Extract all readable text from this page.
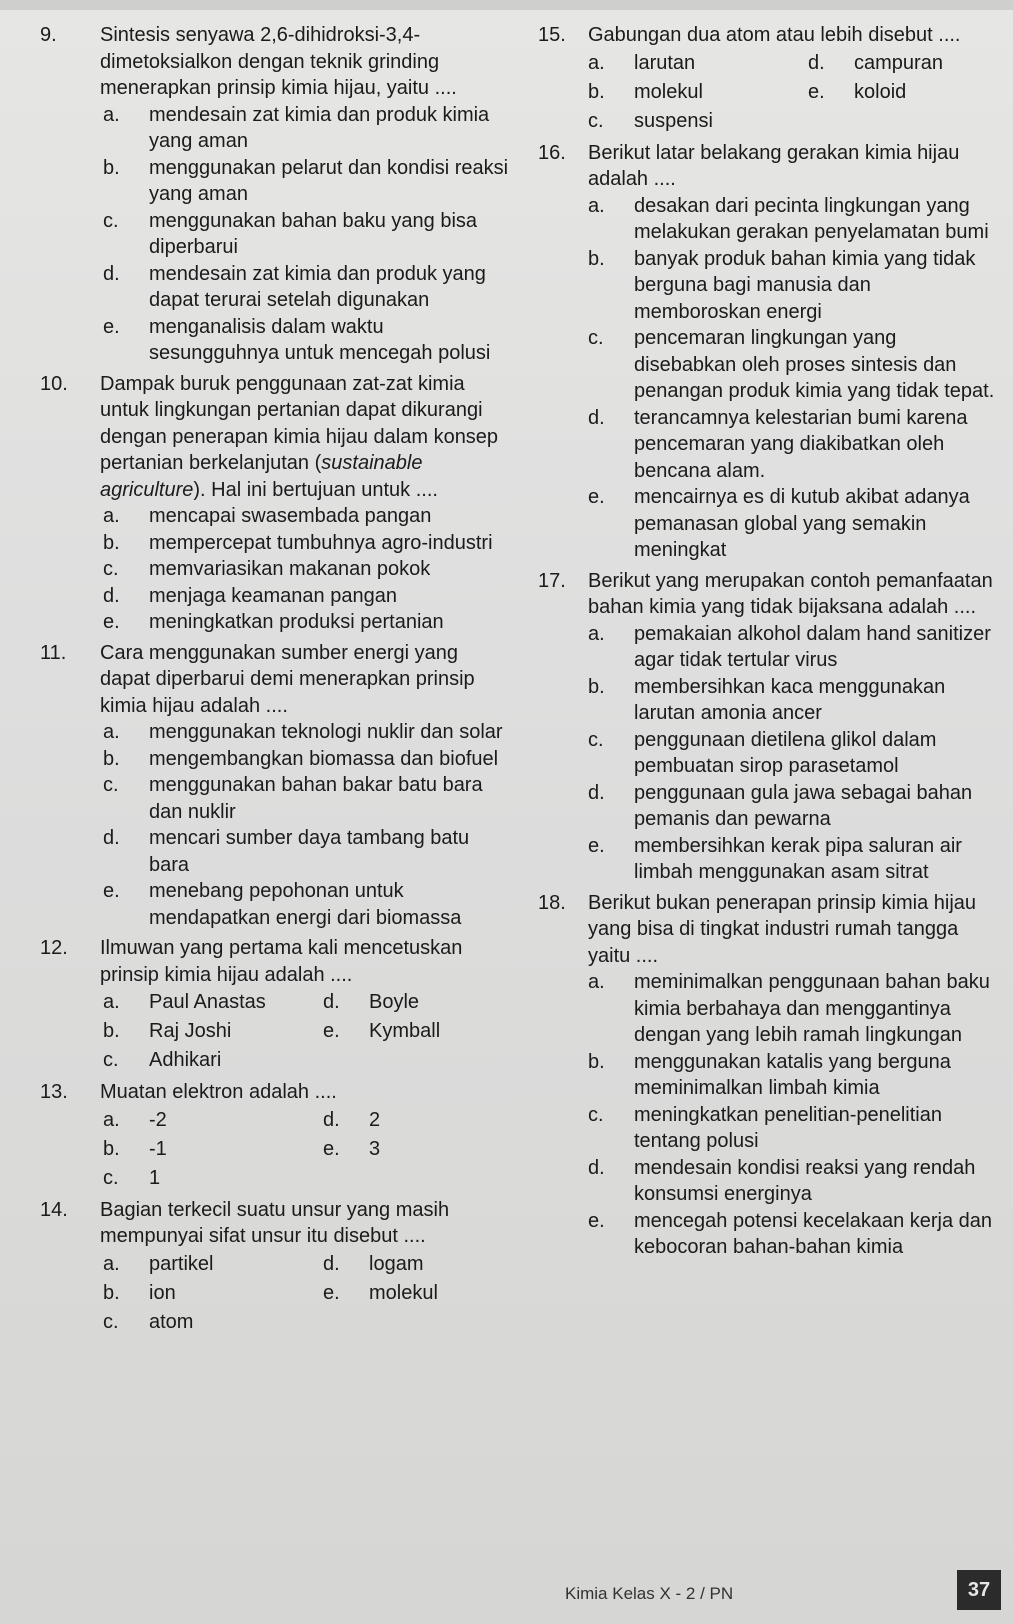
9.	Sintesis senyawa 2,6-dihidroksi-3,4-dimetoksialkon dengan teknik grinding menerapkan prinsip kimia hijau, yaitu ....
a.	mendesain zat kimia dan produk kimia yang aman
b.	menggunakan pelarut dan kondisi reaksi yang aman
c.	menggunakan bahan baku yang bisa diperbarui
d.	mendesain zat kimia dan produk yang dapat terurai setelah digunakan
e.	menganalisis dalam waktu sesungguhnya untuk mencegah polusi
10.	Dampak buruk penggunaan zat-zat kimia untuk lingkungan pertanian dapat dikurangi dengan penerapan kimia hijau dalam konsep pertanian berkelanjutan (sustainable agriculture). Hal ini bertujuan untuk ....
a.	mencapai swasembada pangan
b.	mempercepat tumbuhnya agro-industri
c.	memvariasikan makanan pokok
d.	menjaga keamanan pangan
e.	meningkatkan produksi pertanian
11.	Cara menggunakan sumber energi yang dapat diperbarui demi menerapkan prinsip kimia hijau adalah ....
a.	menggunakan teknologi nuklir dan solar
b.	mengembangkan biomassa dan biofuel
c.	menggunakan bahan bakar batu bara dan nuklir
d.	mencari sumber daya tambang batu bara
e.	menebang pepohonan untuk mendapatkan energi dari biomassa
12.	Ilmuwan yang pertama kali mencetuskan prinsip kimia hijau adalah ....
a.	Paul Anastas	d.	Boyle
b.	Raj Joshi	e.	Kymball
c.	Adhikari
13.	Muatan elektron adalah ....
a.	-2	d.	2
b.	-1	e.	3
c.	1
14.	Bagian terkecil suatu unsur yang masih mempunyai sifat unsur itu disebut ....
a.	partikel	d.	logam
b.	ion	e.	molekul
c.	atom
15.	Gabungan dua atom atau lebih disebut ....
a.	larutan	d.	campuran
b.	molekul	e.	koloid
c.	suspensi
16.	Berikut latar belakang gerakan kimia hijau adalah ....
a.	desakan dari pecinta lingkungan yang melakukan gerakan penyelamatan bumi
b.	banyak produk bahan kimia yang tidak berguna bagi manusia dan memboroskan energi
c.	pencemaran lingkungan yang disebabkan oleh proses sintesis dan penangan produk kimia yang tidak tepat.
d.	terancamnya kelestarian bumi karena pencemaran yang diakibatkan oleh bencana alam.
e.	mencairnya es di kutub akibat adanya pemanasan global yang semakin meningkat
17.	Berikut yang merupakan contoh pemanfaatan bahan kimia yang tidak bijaksana adalah ....
a.	pemakaian alkohol dalam hand sanitizer agar tidak tertular virus
b.	membersihkan kaca menggunakan larutan amonia ancer
c.	penggunaan dietilena glikol dalam pembuatan sirop parasetamol
d.	penggunaan gula jawa sebagai bahan pemanis dan pewarna
e.	membersihkan kerak pipa saluran air limbah menggunakan asam sitrat
18.	Berikut bukan penerapan prinsip kimia hijau yang bisa di tingkat industri rumah tangga yaitu ....
a.	meminimalkan penggunaan bahan baku kimia berbahaya dan menggantinya dengan yang lebih ramah lingkungan
b.	menggunakan katalis yang berguna meminimalkan limbah kimia
c.	meningkatkan penelitian-penelitian tentang polusi
d.	mendesain kondisi reaksi yang rendah konsumsi energinya
e.	mencegah potensi kecelakaan kerja dan kebocoran bahan-bahan kimia
Kimia Kelas X - 2 / PN	37
